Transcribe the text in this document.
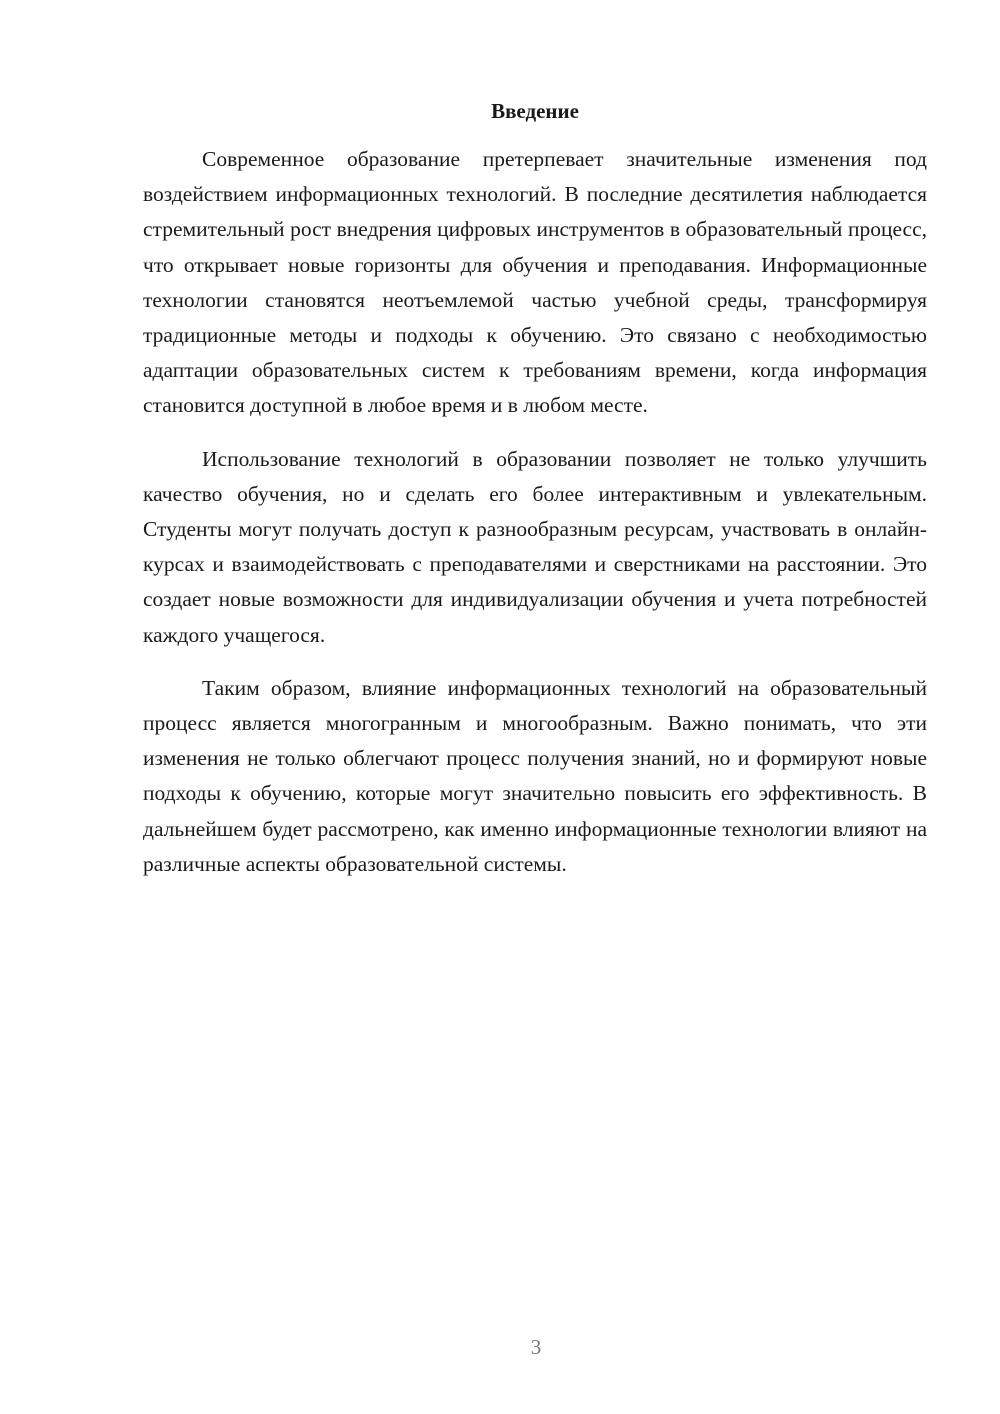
Введение

Современное образование претерпевает значительные изменения под воздействием информационных технологий. В последние десятилетия наблюдается стремительный рост внедрения цифровых инструментов в образовательный процесс, что открывает новые горизонты для обучения и преподавания. Информационные технологии становятся неотъемлемой частью учебной среды, трансформируя традиционные методы и подходы к обучению. Это связано с необходимостью адаптации образовательных систем к требованиям времени, когда информация становится доступной в любое время и в любом месте.

Использование технологий в образовании позволяет не только улучшить качество обучения, но и сделать его более интерактивным и увлекательным. Студенты могут получать доступ к разнообразным ресурсам, участвовать в онлайн-курсах и взаимодействовать с преподавателями и сверстниками на расстоянии. Это создает новые возможности для индивидуализации обучения и учета потребностей каждого учащегося.

Таким образом, влияние информационных технологий на образовательный процесс является многогранным и многообразным. Важно понимать, что эти изменения не только облегчают процесс получения знаний, но и формируют новые подходы к обучению, которые могут значительно повысить его эффективность. В дальнейшем будет рассмотрено, как именно информационные технологии влияют на различные аспекты образовательной системы.

3
